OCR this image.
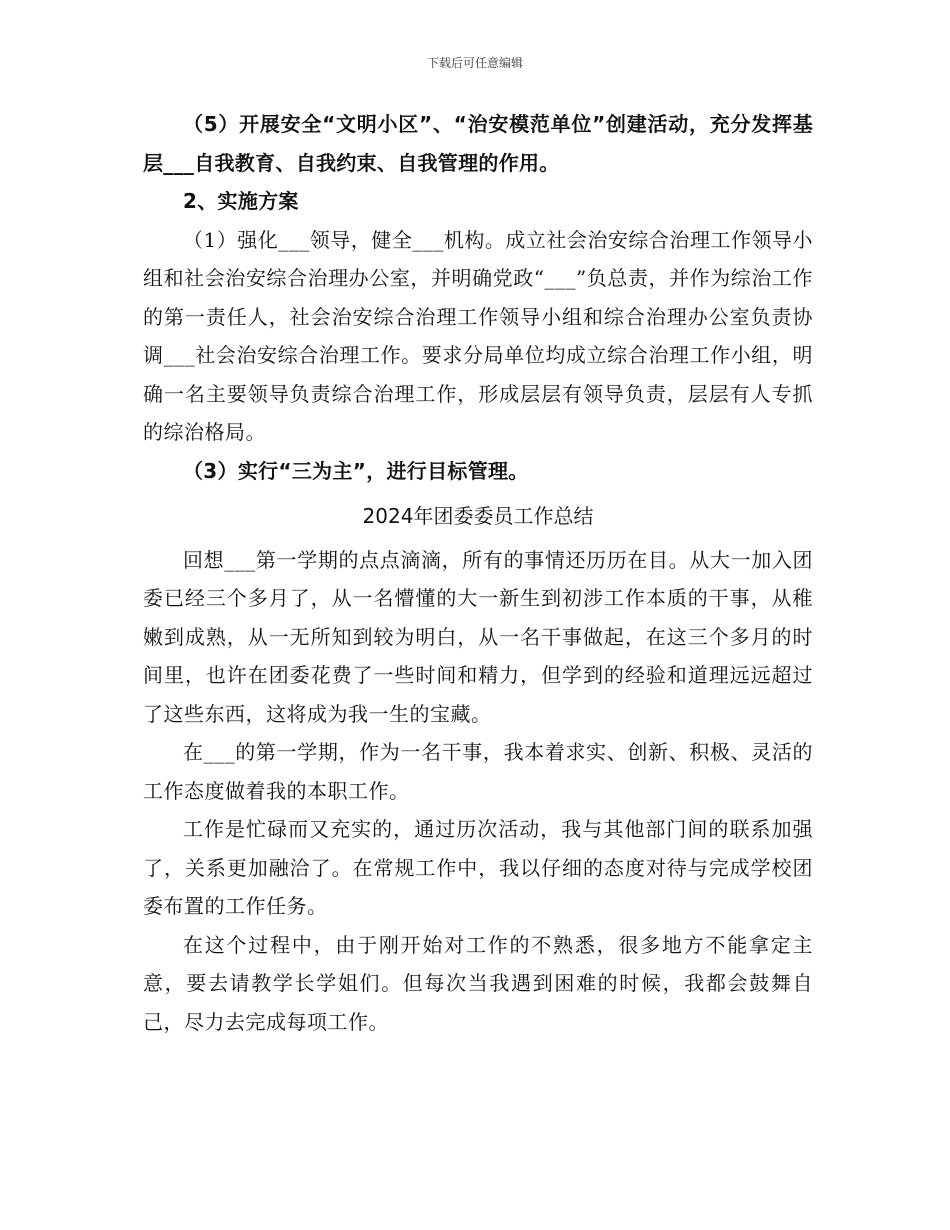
下载后可任意编辑

（5）开展安全“文明小区”、“治安模范单位”创建活动，充分发挥基层___自我教育、自我约束、自我管理的作用。

2、实施方案

（1）强化___领导，健全___机构。成立社会治安综合治理工作领导小组和社会治安综合治理办公室，并明确党政“___”负总责，并作为综治工作的第一责任人，社会治安综合治理工作领导小组和综合治理办公室负责协调___社会治安综合治理工作。要求分局单位均成立综合治理工作小组，明确一名主要领导负责综合治理工作，形成层层有领导负责，层层有人专抓的综治格局。

（3）实行“三为主”，进行目标管理。

2024年团委委员工作总结

回想___第一学期的点点滴滴，所有的事情还历历在目。从大一加入团委已经三个多月了，从一名懵懂的大一新生到初涉工作本质的干事，从稚嫩到成熟，从一无所知到较为明白，从一名干事做起，在这三个多月的时间里，也许在团委花费了一些时间和精力，但学到的经验和道理远远超过了这些东西，这将成为我一生的宝藏。

在___的第一学期，作为一名干事，我本着求实、创新、积极、灵活的工作态度做着我的本职工作。

工作是忙碌而又充实的，通过历次活动，我与其他部门间的联系加强了，关系更加融洽了。在常规工作中，我以仔细的态度对待与完成学校团委布置的工作任务。

在这个过程中，由于刚开始对工作的不熟悉，很多地方不能拿定主意，要去请教学长学姐们。但每次当我遇到困难的时候，我都会鼓舞自己，尽力去完成每项工作。
